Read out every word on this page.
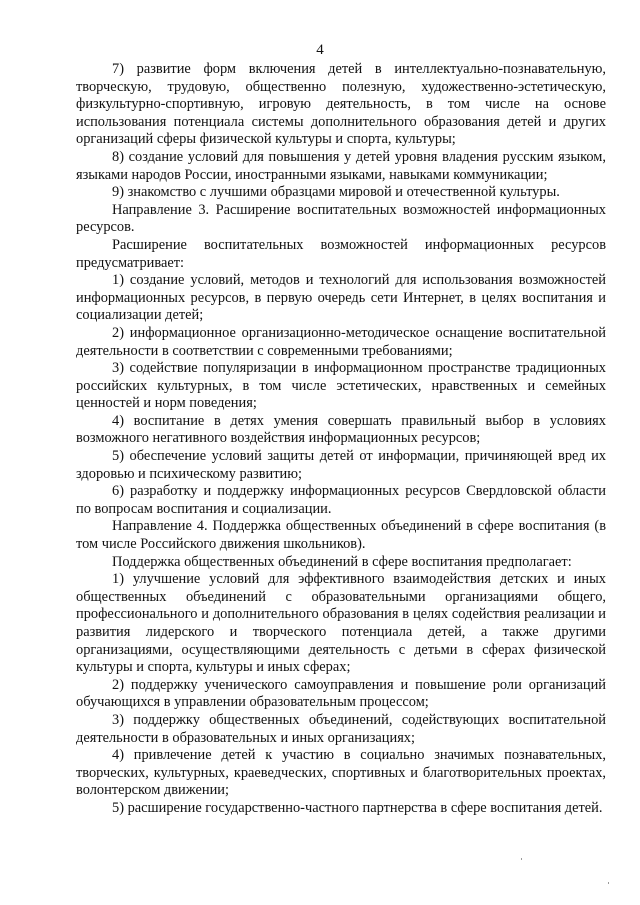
4

7) развитие форм включения детей в интеллектуально-познавательную, творческую, трудовую, общественно полезную, художественно-эстетическую, физкультурно-спортивную, игровую деятельность, в том числе на основе использования потенциала системы дополнительного образования детей и других организаций сферы физической культуры и спорта, культуры;

8) создание условий для повышения у детей уровня владения русским языком, языками народов России, иностранными языками, навыками коммуникации;

9) знакомство с лучшими образцами мировой и отечественной культуры.

Направление 3. Расширение воспитательных возможностей информационных ресурсов.

Расширение воспитательных возможностей информационных ресурсов предусматривает:

1) создание условий, методов и технологий для использования возможностей информационных ресурсов, в первую очередь сети Интернет, в целях воспитания и социализации детей;

2) информационное организационно-методическое оснащение воспитательной деятельности в соответствии с современными требованиями;

3) содействие популяризации в информационном пространстве традиционных российских культурных, в том числе эстетических, нравственных и семейных ценностей и норм поведения;

4) воспитание в детях умения совершать правильный выбор в условиях возможного негативного воздействия информационных ресурсов;

5) обеспечение условий защиты детей от информации, причиняющей вред их здоровью и психическому развитию;

6) разработку и поддержку информационных ресурсов Свердловской области по вопросам воспитания и социализации.

Направление 4. Поддержка общественных объединений в сфере воспитания (в том числе Российского движения школьников).

Поддержка общественных объединений в сфере воспитания предполагает:

1) улучшение условий для эффективного взаимодействия детских и иных общественных объединений с образовательными организациями общего, профессионального и дополнительного образования в целях содействия реализации и развития лидерского и творческого потенциала детей, а также другими организациями, осуществляющими деятельность с детьми в сферах физической культуры и спорта, культуры и иных сферах;

2) поддержку ученического самоуправления и повышение роли организаций обучающихся в управлении образовательным процессом;

3) поддержку общественных объединений, содействующих воспитательной деятельности в образовательных и иных организациях;

4) привлечение детей к участию в социально значимых познавательных, творческих, культурных, краеведческих, спортивных и благотворительных проектах, волонтерском движении;

5) расширение государственно-частного партнерства в сфере воспитания детей.
